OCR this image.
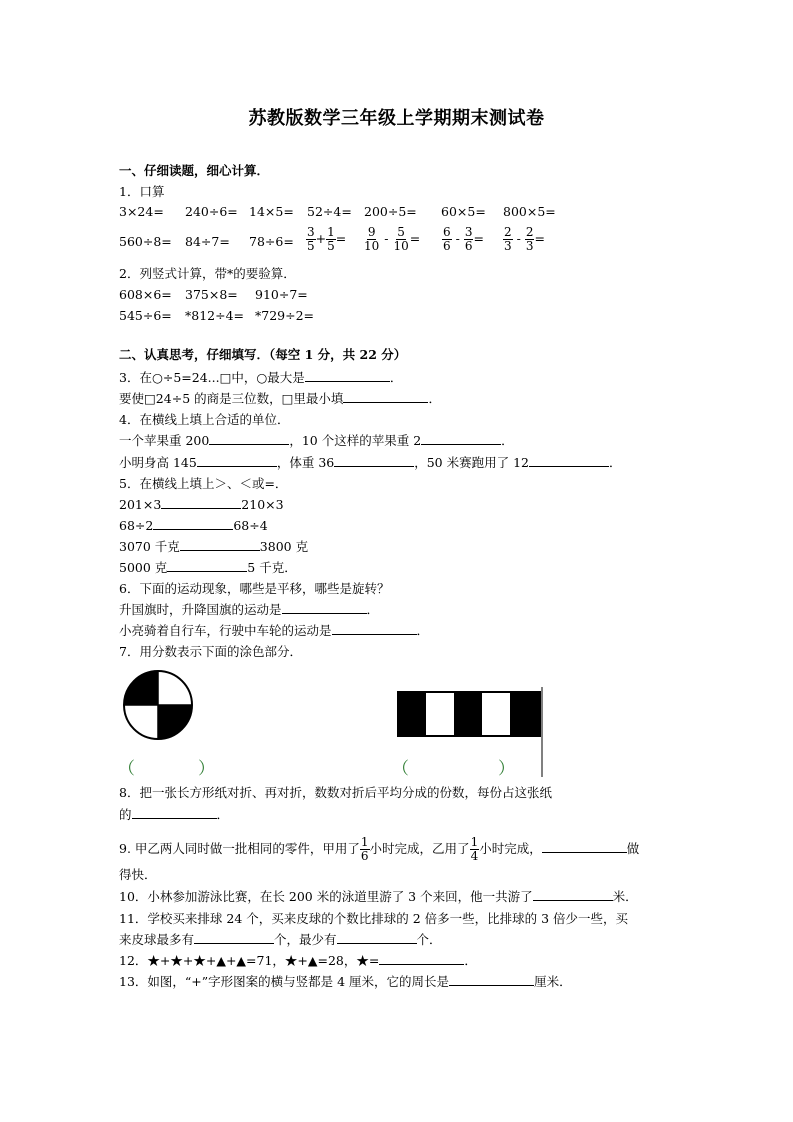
苏教版数学三年级上学期期末测试卷
一、仔细读题，细心计算．
1．口算
3×24= 240÷6= 14×5= 52÷4= 200÷5= 60×5= 800×5=
$560\div 8= 84\div 7= 78\div 6= \frac{3}{5} + \frac{1}{5} = \frac{9}{10} - \frac{5}{10} = \frac{6}{6} - \frac{3}{6} = \frac{2}{3} - \frac{2}{3}$ =
2．列竖式计算，带*的要验算．
608×6= 375×8= 910÷7=
545÷6= *812÷4= *729÷2=
二、认真思考，仔细填写．（每空 1 分，共 22 分）
3．在○÷5=24...□中，○最大是	．
要使□24÷5 的商是三位数，□里最小填	．
4．在横线上填上合适的单位．
一个苹果重 200	，10 个这样的苹果重 2	．
小明身高 145	，体重 36	，50 米赛跑用了 12	．
5．在横线上填上＞、＜或=．
201×3	210×3
68÷2	68÷4
3070 千克	3800 克
5000 克	5 千克．
6．下面的运动现象，哪些是平移，哪些是旋转？
升国旗时，升降国旗的运动是	．
小亮骑着自行车，行驶中车轮的运动是	．
7．用分数表示下面的涂色部分．
（	）	（	）
8．把一张长方形纸对折、再对折，数数对折后平均分成的份数，每份占这张纸
的	．
9. 甲乙两人同时做一批相同的零件，甲用了 $\frac{1}{6}$ 小时完成，乙用了 $\frac{1}{4}$ 小时完成，	做
得快．
10．小林参加游泳比赛，在长 200 米的泳道里游了 3 个来回，他一共游了	米．
11．学校买来排球 24 个，买来皮球的个数比排球的 2 倍多一些，比排球的 3 倍少一些，买
来皮球最多有	个，最少有	个．
12．★+★+★+▲+▲=71，★+▲=28，★=	．
13．如图，“+”字形图案的横与竖都是 4 厘米，它的周长是	厘米．
